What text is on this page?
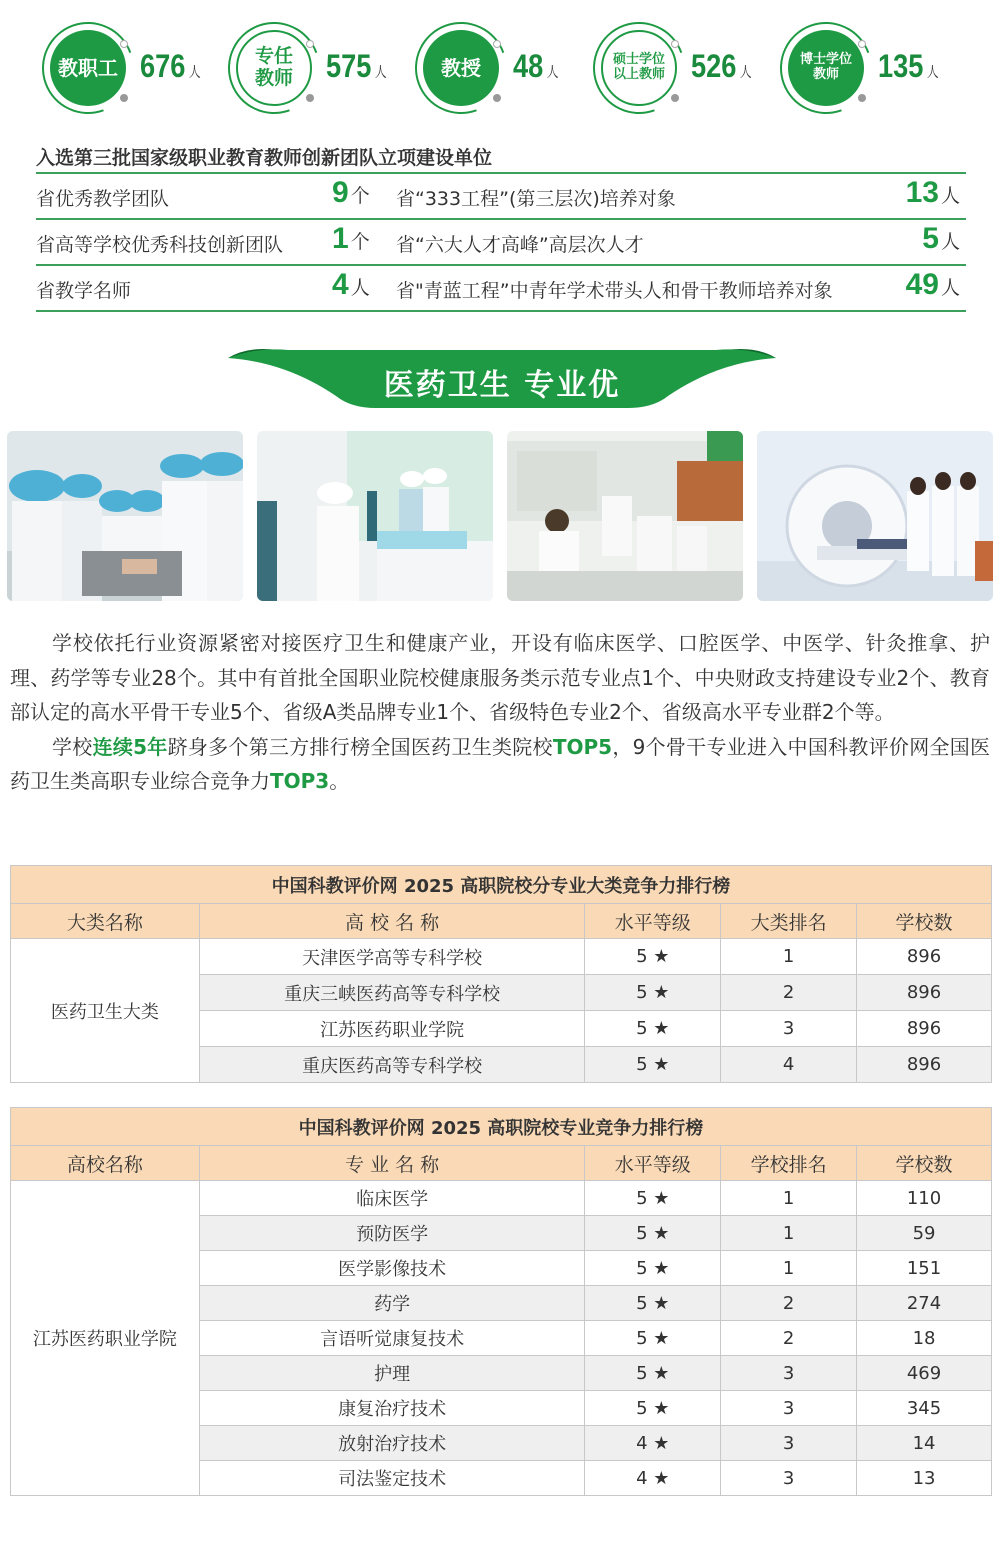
教职工 676 人
专任
教师 575 人	教授 48 人
硕士学位
以上教师 526 人
博士学位
教师	135 人
入选第三批国家级职业教育教师创新团队立项建设单位
省优秀教学团队	9 个 省“333工程”(第三层次)培养对象	13 人
省高等学校优秀科技创新团队 1 个 省“六大人才高峰”高层次人才	5 人
省教学名师	4 人 省"青蓝工程”中青年学术带头人和骨干教师培养对象 49 人
医药卫生 专业优

学校依托行业资源紧密对接医疗卫生和健康产业，开设有临床医学、口腔医学、中医学、针灸推拿、护理、药学等专业28个。其中有首批全国职业院校健康服务类示范专业点1个、中央财政支持建设专业2个、教育部认定的高水平骨干专业5个、省级A类品牌专业1个、省级特色专业2个、省级高水平专业群2个等。

学校连续5年跻身多个第三方排行榜全国医药卫生类院校TOP5，9个骨干专业进入中国科教评价网全国医药卫生类高职专业综合竞争力TOP3。

中国科教评价网 2025 高职院校分专业大类竞争力排行榜				
大类名称	高 校 名 称	水平等级	大类排名	学校数
医药卫生大类	天津医学高等专科学校	5 ★	1	896
	重庆三峡医药高等专科学校	5 ★	2	896
	江苏医药职业学院	5 ★	3	896
	重庆医药高等专科学校	5 ★	4	896
中国科教评价网 2025 高职院校专业竞争力排行榜				
高校名称	专 业 名 称	水平等级	学校排名	学校数
江苏医药职业学院	临床医学	5 ★	1	110
	预防医学	5 ★	1	59
	医学影像技术	5 ★	1	151
	药学	5 ★	2	274
	言语听觉康复技术	5 ★	2	18
	护理	5 ★	3	469
	康复治疗技术	5 ★	3	345
	放射治疗技术	4 ★	3	14
	司法鉴定技术	4 ★	3	13
